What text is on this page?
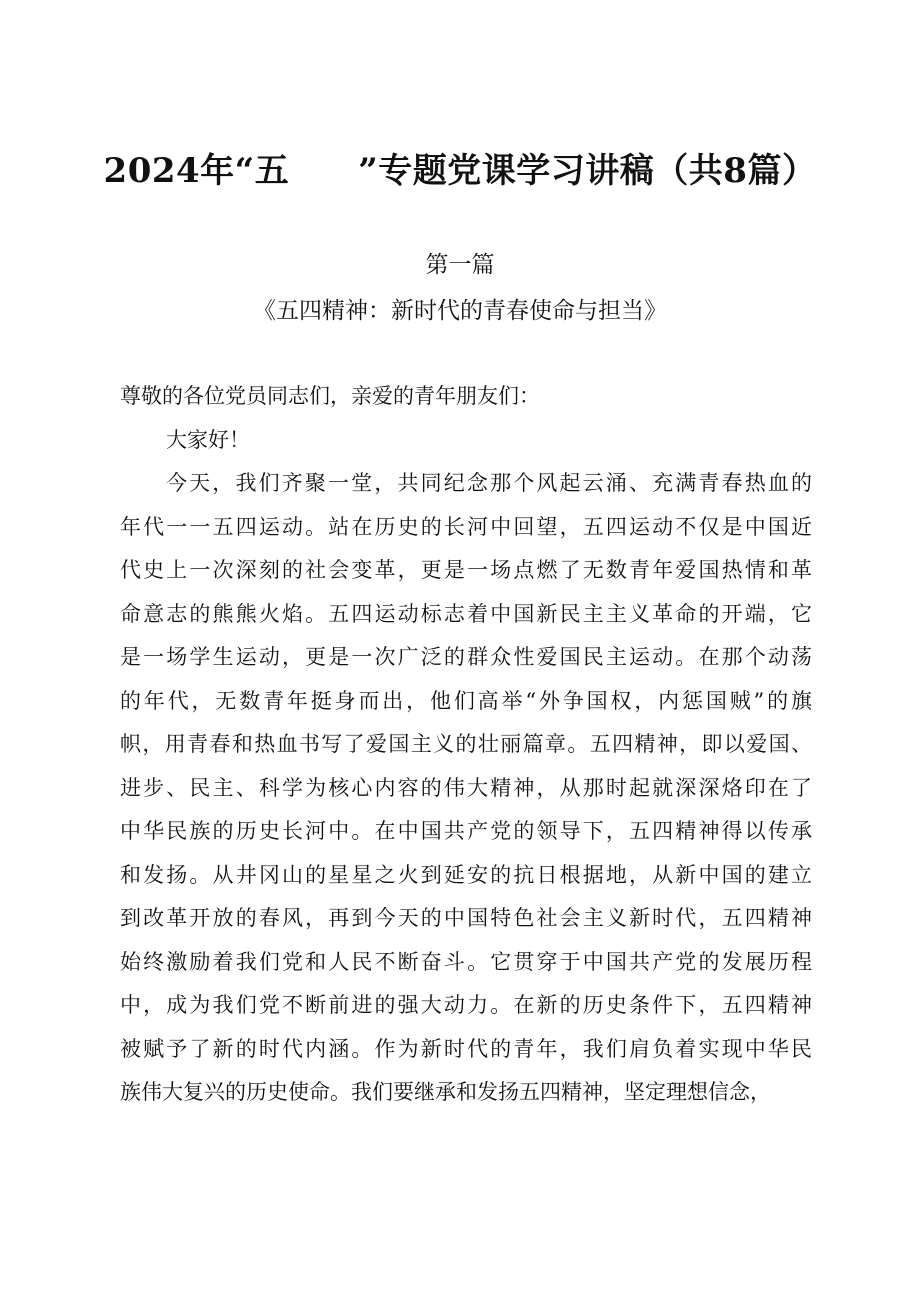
2024年“五　　”专题党课学习讲稿（共8篇）
第一篇
《五四精神：新时代的青春使命与担当》
尊敬的各位党员同志们，亲爱的青年朋友们：
大家好！
今天，我们齐聚一堂，共同纪念那个风起云涌、充满青春热血的
年代一一五四运动。站在历史的长河中回望，五四运动不仅是中国近
代史上一次深刻的社会变革，更是一场点燃了无数青年爱国热情和革
命意志的熊熊火焰。五四运动标志着中国新民主主义革命的开端，它
是一场学生运动，更是一次广泛的群众性爱国民主运动。在那个动荡
的年代，无数青年挺身而出，他们高举“外争国权，内惩国贼”的旗
帜，用青春和热血书写了爱国主义的壮丽篇章。五四精神，即以爱国、
进步、民主、科学为核心内容的伟大精神，从那时起就深深烙印在了
中华民族的历史长河中。在中国共产党的领导下，五四精神得以传承
和发扬。从井冈山的星星之火到延安的抗日根据地，从新中国的建立
到改革开放的春风，再到今天的中国特色社会主义新时代，五四精神
始终激励着我们党和人民不断奋斗。它贯穿于中国共产党的发展历程
中，成为我们党不断前进的强大动力。在新的历史条件下，五四精神
被赋予了新的时代内涵。作为新时代的青年，我们肩负着实现中华民
族伟大复兴的历史使命。我们要继承和发扬五四精神，坚定理想信念，
